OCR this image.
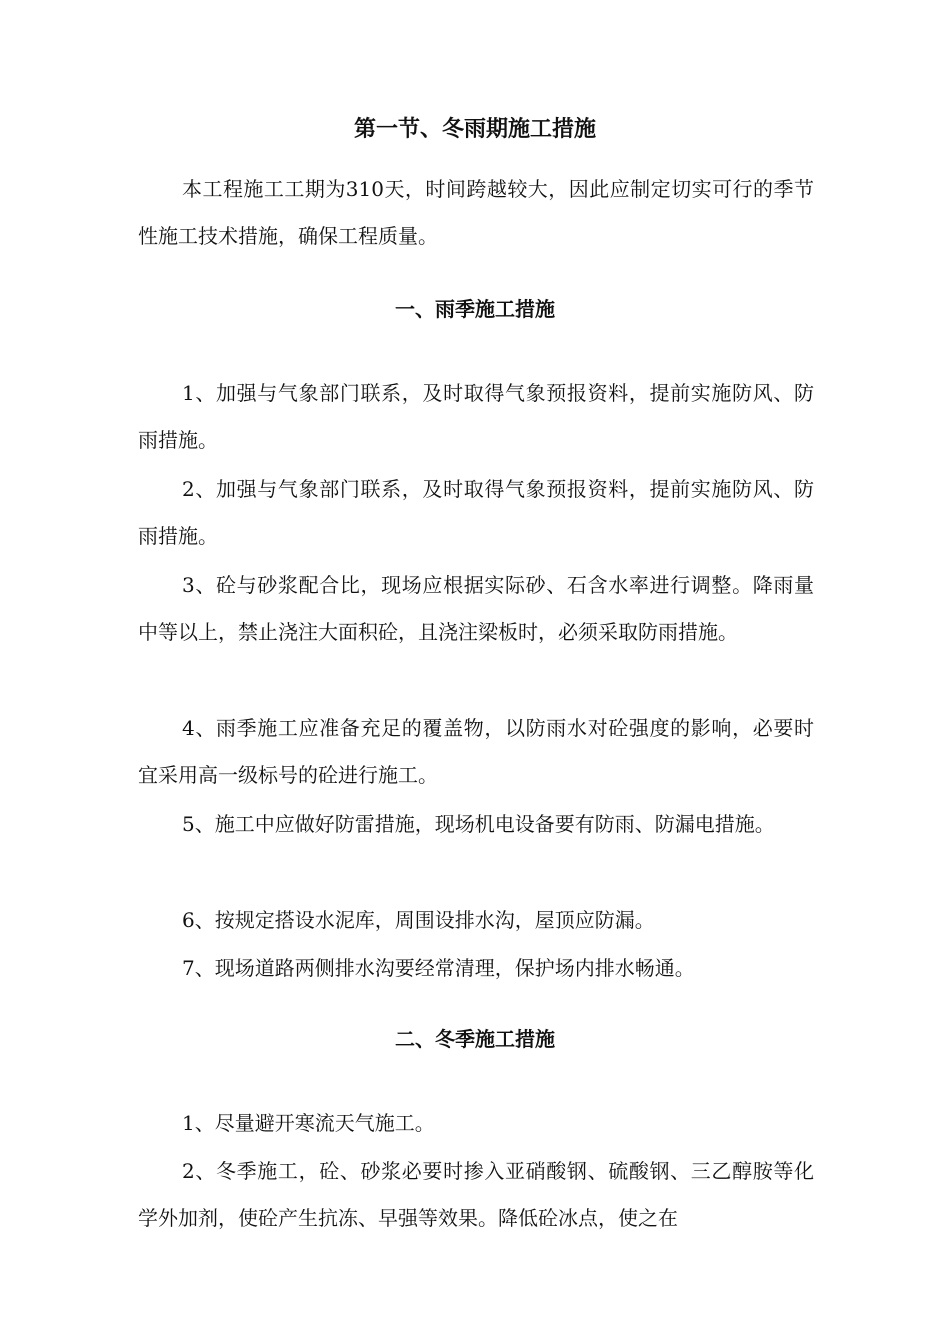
第一节、冬雨期施工措施
本工程施工工期为310天，时间跨越较大，因此应制定切实可行的季节性施工技术措施，确保工程质量。
一、雨季施工措施
1、加强与气象部门联系，及时取得气象预报资料，提前实施防风、防雨措施。
2、加强与气象部门联系，及时取得气象预报资料，提前实施防风、防雨措施。
3、砼与砂浆配合比，现场应根据实际砂、石含水率进行调整。降雨量中等以上，禁止浇注大面积砼，且浇注梁板时，必须采取防雨措施。
4、雨季施工应准备充足的覆盖物，以防雨水对砼强度的影响，必要时宜采用高一级标号的砼进行施工。
5、施工中应做好防雷措施，现场机电设备要有防雨、防漏电措施。
6、按规定搭设水泥库，周围设排水沟，屋顶应防漏。
7、现场道路两侧排水沟要经常清理，保护场内排水畅通。
二、冬季施工措施
1、尽量避开寒流天气施工。
2、冬季施工，砼、砂浆必要时掺入亚硝酸钢、硫酸钢、三乙醇胺等化学外加剂，使砼产生抗冻、早强等效果。降低砼冰点，使之在
